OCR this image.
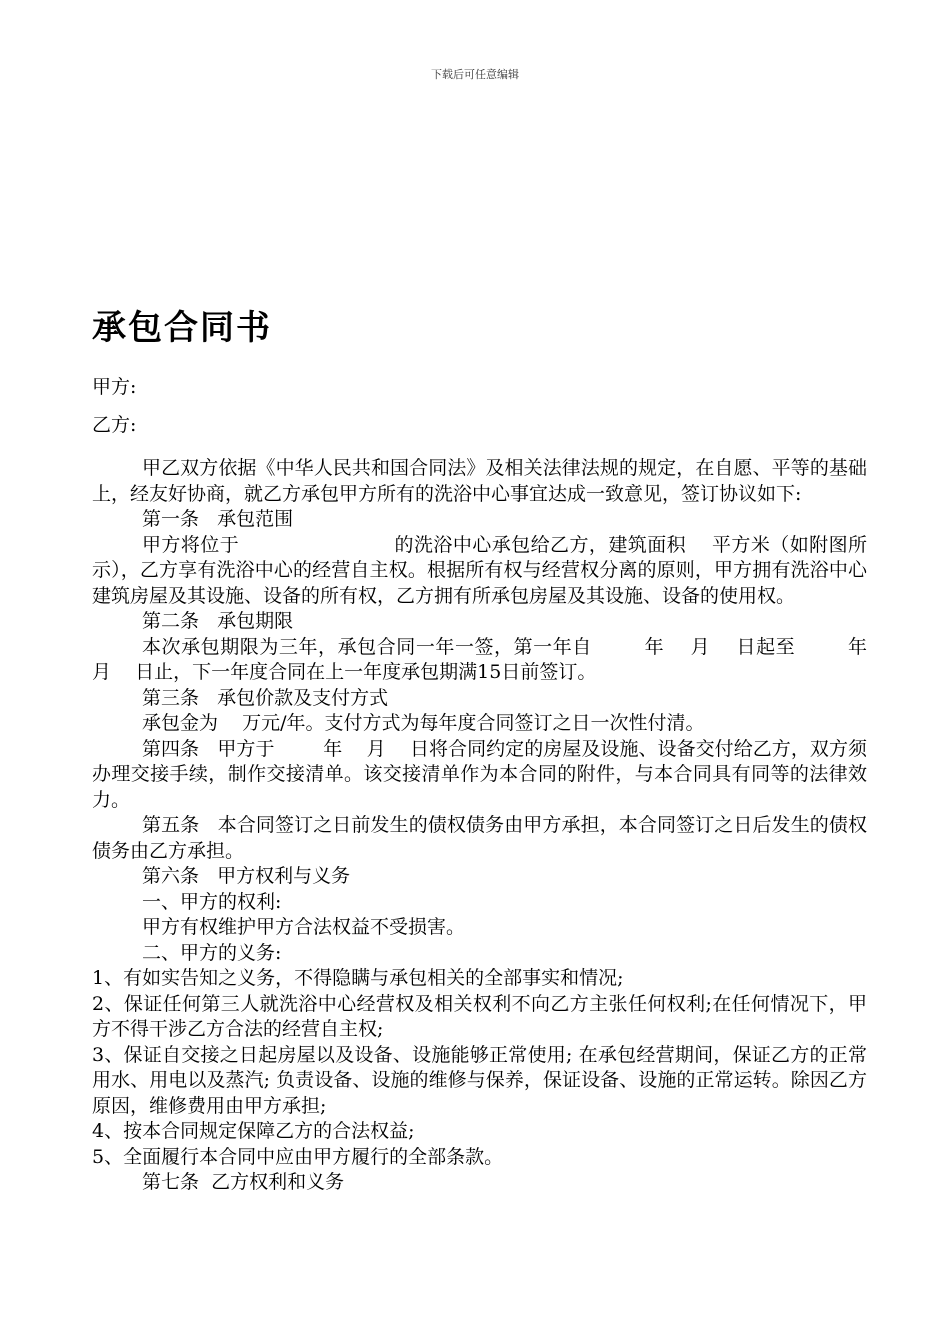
下载后可任意编辑
承包合同书
甲方:
乙方:

甲乙双方依据《中华人民共和国合同法》及相关法律法规的规定，在自愿、平等的基础上，经友好协商，就乙方承包甲方所有的洗浴中心事宜达成一致意见，签订协议如下:

第一条   承包范围

甲方将位于                        的洗浴中心承包给乙方，建筑面积    平方米（如附图所示），乙方享有洗浴中心的经营自主权。根据所有权与经营权分离的原则，甲方拥有洗浴中心建筑房屋及其设施、设备的所有权，乙方拥有所承包房屋及其设施、设备的使用权。

第二条   承包期限

本次承包期限为三年，承包合同一年一签，第一年自        年    月    日起至        年    月    日止，下一年度合同在上一年度承包期满15日前签订。

第三条   承包价款及支付方式

承包金为    万元/年。支付方式为每年度合同签订之日一次性付清。

第四条   甲方于        年    月    日将合同约定的房屋及设施、设备交付给乙方，双方须办理交接手续，制作交接清单。该交接清单作为本合同的附件，与本合同具有同等的法律效力。

第五条   本合同签订之日前发生的债权债务由甲方承担，本合同签订之日后发生的债权债务由乙方承担。

第六条   甲方权利与义务

一、甲方的权利:

甲方有权维护甲方合法权益不受损害。

二、甲方的义务:

1、有如实告知之义务，不得隐瞒与承包相关的全部事实和情况;

2、保证任何第三人就洗浴中心经营权及相关权利不向乙方主张任何权利;在任何情况下，甲方不得干涉乙方合法的经营自主权;

3、保证自交接之日起房屋以及设备、设施能够正常使用; 在承包经营期间，保证乙方的正常用水、用电以及蒸汽; 负责设备、设施的维修与保养，保证设备、设施的正常运转。除因乙方原因，维修费用由甲方承担;

4、按本合同规定保障乙方的合法权益;

5、全面履行本合同中应由甲方履行的全部条款。

第七条  乙方权利和义务
